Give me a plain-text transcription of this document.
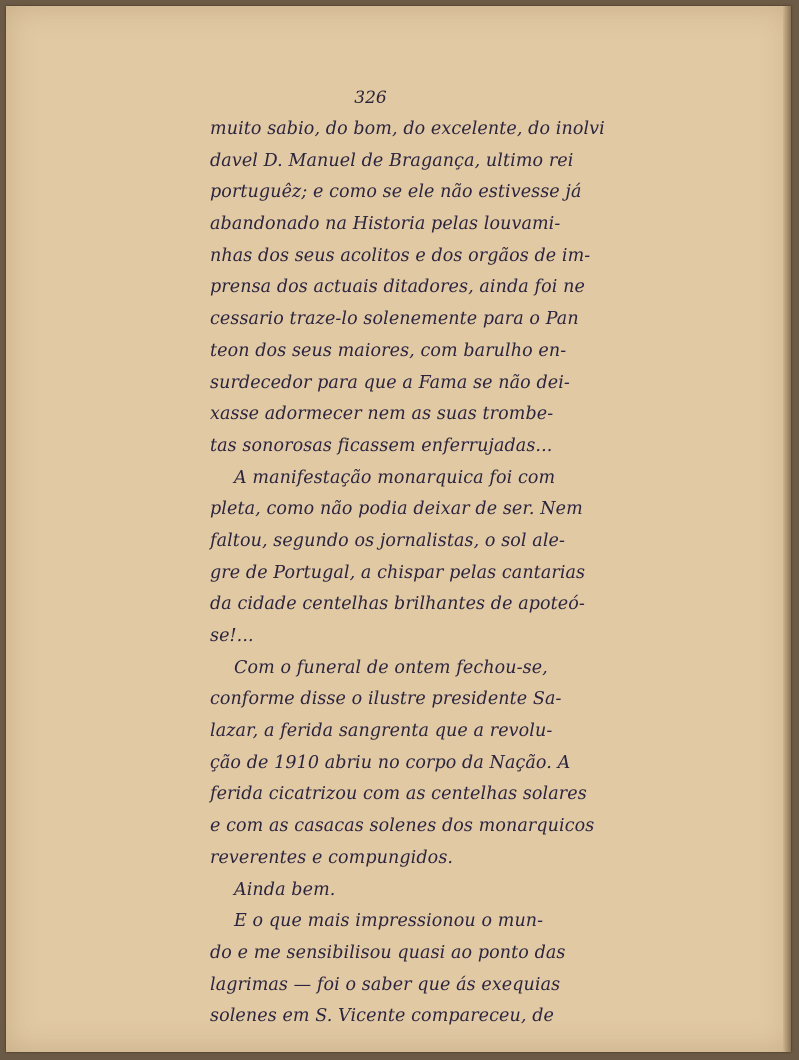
326
muito sabio, do bom, do excelente, do inolvi
davel D. Manuel de Bragança, ultimo rei
portuguêz; e como se ele não estivesse já
abandonado na Historia pelas louvami-
nhas dos seus acolitos e dos orgãos de im-
prensa dos actuais ditadores, ainda foi ne
cessario traze-lo solenemente para o Pan
teon dos seus maiores, com barulho en-
surdecedor para que a Fama se não dei-
xasse adormecer nem as suas trombe-
tas sonorosas ficassem enferrujadas...
A manifestação monarquica foi com
pleta, como não podia deixar de ser. Nem
faltou, segundo os jornalistas, o sol ale-
gre de Portugal, a chispar pelas cantarias
da cidade centelhas brilhantes de apoteó-
se!...
Com o funeral de ontem fechou-se,
conforme disse o ilustre presidente Sa-
lazar, a ferida sangrenta que a revolu-
ção de 1910 abriu no corpo da Nação. A
ferida cicatrizou com as centelhas solares
e com as casacas solenes dos monarquicos
reverentes e compungidos.
Ainda bem.
E o que mais impressionou o mun-
do e me sensibilisou quasi ao ponto das
lagrimas — foi o saber que ás exequias
solenes em S. Vicente compareceu, de
